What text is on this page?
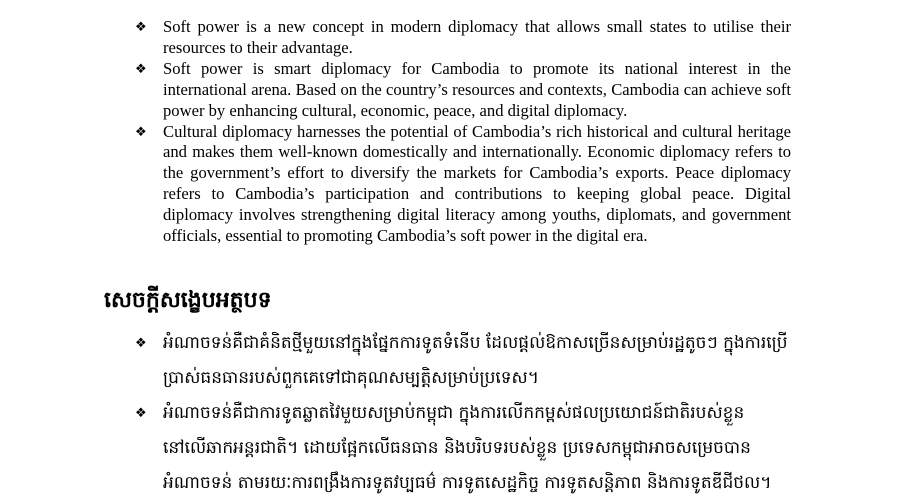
❖ Soft power is a new concept in modern diplomacy that allows small states to utilise their resources to their advantage.
❖ Soft power is smart diplomacy for Cambodia to promote its national interest in the international arena. Based on the country’s resources and contexts, Cambodia can achieve soft power by enhancing cultural, economic, peace, and digital diplomacy.
❖ Cultural diplomacy harnesses the potential of Cambodia’s rich historical and cultural heritage and makes them well-known domestically and internationally. Economic diplomacy refers to the government’s effort to diversify the markets for Cambodia’s exports. Peace diplomacy refers to Cambodia’s participation and contributions to keeping global peace. Digital diplomacy involves strengthening digital literacy among youths, diplomats, and government officials, essential to promoting Cambodia’s soft power in the digital era.
សេចក្តីសង្ខេបអត្ថបទ
❖ អំណាចទន់គឺជាគំនិតថ្មីមួយនៅក្នុងផ្នែកការទូតទំនើប ដែលផ្តល់ឱកាសច្រើនសម្រាប់រដ្ឋតូចៗ ក្នុងការប្រើប្រាស់ធនធានរបស់ពួកគេទៅជាគុណសម្បត្តិសម្រាប់ប្រទេស។
❖ អំណាចទន់គឺជាការទូតឆ្លាតវៃមួយសម្រាប់កម្ពុជា ក្នុងការលើកកម្ពស់ផលប្រយោជន៍ជាតិរបស់ខ្លួននៅលើឆាកអន្តរជាតិ។ ដោយផ្អែកលើធនធាន និងបរិបទរបស់ខ្លួន ប្រទេសកម្ពុជាអាចសម្រេចបានអំណាចទន់ តាមរយៈការពង្រឹងការទូតវប្បធម៌ ការទូតសេដ្ឋកិច្ច ការទូតសន្តិភាព និងការទូតឌីជីថល។
